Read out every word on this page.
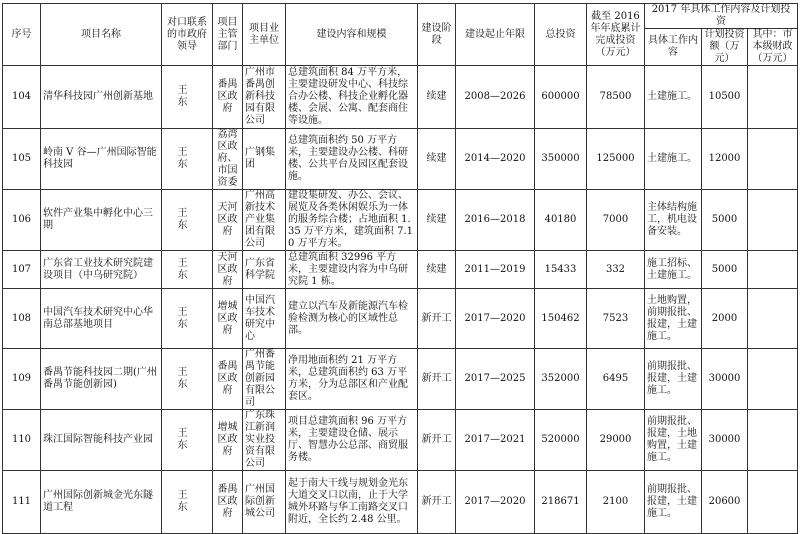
序号	项目名称	对口联系的市政府领导	项目主管部门	项目业主单位	建设内容和规模	建设阶段	建设起止年限	总投资	截至 2016 年年底累计完成投资（万元）	2017 年具体工作内容及计划投资		
										具体工作内容	计划投资额（万元）	其中：市本级财政（万元）
104	清华科技园广州创新基地	王　东	番禺区政府	广州市番禺创新科技园有限公司	总建筑面积 84 万平方米，主要建设研发中心、科技综合办公楼、科技企业孵化器楼、会展、公寓、配套商住等设施。	续建	2008—2026	600000	78500	土建施工。	10500	
105	岭南 V 谷—广州国际智能科技园	王　东	荔湾区政府、市国资委	广钢集团	总建筑面积约 50 万平方米，主要建设办公楼、科研楼、公共平台及园区配套设施。	续建	2014—2020	350000	125000	土建施工。	12000	
106	软件产业集中孵化中心三期	王　东	天河区政府	广州高新技术产业集团有限公司	建设集研发、办公、会议、展览及各类休闲娱乐为一体的服务综合楼；占地面积 1.35 万平方米，建筑面积 7.10 万平方米。	续建	2016—2018	40180	7000	主体结构施工，机电设备安装。	5000	
107	广东省工业技术研究院建设项目（中乌研究院）	王　东	天河区政府	广东省科学院	总建筑面积 32996 平方米，主要建设内容为中乌研究院 1 栋。	续建	2011—2019	15433	332	施工招标、土建施工。	5000	
108	中国汽车技术研究中心华南总部基地项目	王　东	增城区政府	中国汽车技术研究中心	建立以汽车及新能源汽车检验检测为核心的区域性总部。	新开工	2017—2020	150462	7523	土地购置，前期报批、报建，土建施工。	2000	
109	番禺节能科技园二期(广州番禺节能创新园)	王　东	番禺区政府	广州番禺节能创新园有限公司	净用地面积约 21 万平方米，总建筑面积约 63 万平方米，分为总部区和产业配套区。	新开工	2017—2025	352000	6495	前期报批、报建，土建施工。	30000	
110	珠江国际智能科技产业园	王　东	增城区政府	广东珠江新润实业投资有限公司	项目总建筑面积 96 万平方米，主要建设仓储、展示厅、智慧办公总部、商贸服务楼。	新开工	2017—2021	520000	29000	前期报批、报建，土地购置，土建施工。	30000	
111	广州国际创新城金光东隧道工程	王　东	番禺区政府	广州国际创新城公司	起于南大干线与规划金光东大道交叉口以南，止于大学城外环路与华工南路交叉口附近，全长约 2.48 公里。	新开工	2017—2020	218671	2100	前期报批、报建，土建施工。	20600	
